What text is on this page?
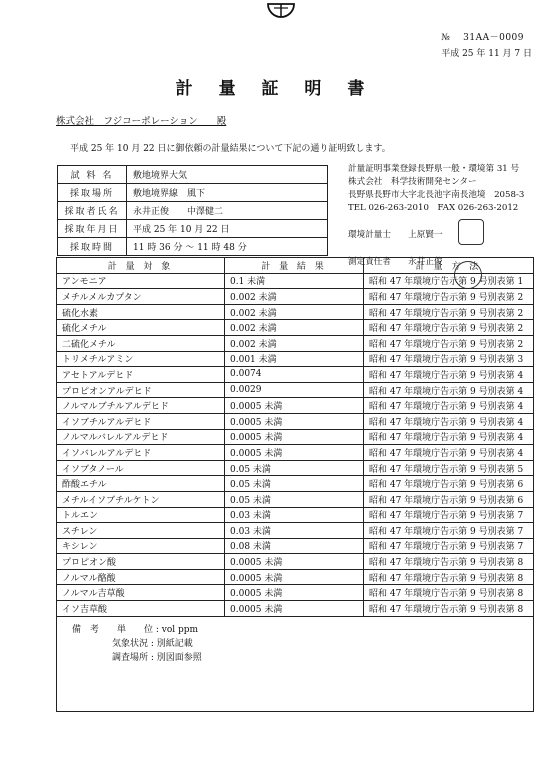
№　 31AA－0009
平成 25 年 11 月 7 日
計 量 証 明 書
株式会社　フジコーポレーション　　殿
平成 25 年 10 月 22 日に御依頼の計量結果について下記の通り証明致します。
試 料 名	敷地境界大気
採取場所	敷地境界線　風下
採取者氏名	永井正俊　　中澤健二
採取年月日	平成 25 年 10 月 22 日
採取時間	11 時 36 分 ～ 11 時 48 分
計量証明事業登録長野県一般・環境第 31 号
株式会社　科学技術開発センター
長野県長野市大字北長池字南長池境　2058-3
TEL 026-263-2010　FAX 026-263-2012
環境計量士　　上原賢一
測定責任者　　永井正俊
計 量 対 象	計 量 結 果	計 量 方 法
アンモニア	0.1 未満	昭和 47 年環境庁告示第 9 号別表第 1
メチルメルカプタン	0.002 未満	昭和 47 年環境庁告示第 9 号別表第 2
硫化水素	0.002 未満	昭和 47 年環境庁告示第 9 号別表第 2
硫化メチル	0.002 未満	昭和 47 年環境庁告示第 9 号別表第 2
二硫化メチル	0.002 未満	昭和 47 年環境庁告示第 9 号別表第 2
トリメチルアミン	0.001 未満	昭和 47 年環境庁告示第 9 号別表第 3
アセトアルデヒド	0.0074	昭和 47 年環境庁告示第 9 号別表第 4
プロピオンアルデヒド	0.0029	昭和 47 年環境庁告示第 9 号別表第 4
ノルマルブチルアルデヒド	0.0005 未満	昭和 47 年環境庁告示第 9 号別表第 4
イソブチルアルデヒド	0.0005 未満	昭和 47 年環境庁告示第 9 号別表第 4
ノルマルバレルアルデヒド	0.0005 未満	昭和 47 年環境庁告示第 9 号別表第 4
イソバレルアルデヒド	0.0005 未満	昭和 47 年環境庁告示第 9 号別表第 4
イソブタノール	0.05 未満	昭和 47 年環境庁告示第 9 号別表第 5
酢酸エチル	0.05 未満	昭和 47 年環境庁告示第 9 号別表第 6
メチルイソブチルケトン	0.05 未満	昭和 47 年環境庁告示第 9 号別表第 6
トルエン	0.03 未満	昭和 47 年環境庁告示第 9 号別表第 7
スチレン	0.03 未満	昭和 47 年環境庁告示第 9 号別表第 7
キシレン	0.08 未満	昭和 47 年環境庁告示第 9 号別表第 7
プロピオン酸	0.0005 未満	昭和 47 年環境庁告示第 9 号別表第 8
ノルマル酪酸	0.0005 未満	昭和 47 年環境庁告示第 9 号別表第 8
ノルマル吉草酸	0.0005 未満	昭和 47 年環境庁告示第 9 号別表第 8
イソ吉草酸	0.0005 未満	昭和 47 年環境庁告示第 9 号別表第 8

備　考　　 単　　位 : vol ppm
気象状況 : 別紙記載
調査場所 : 別図面参照		
